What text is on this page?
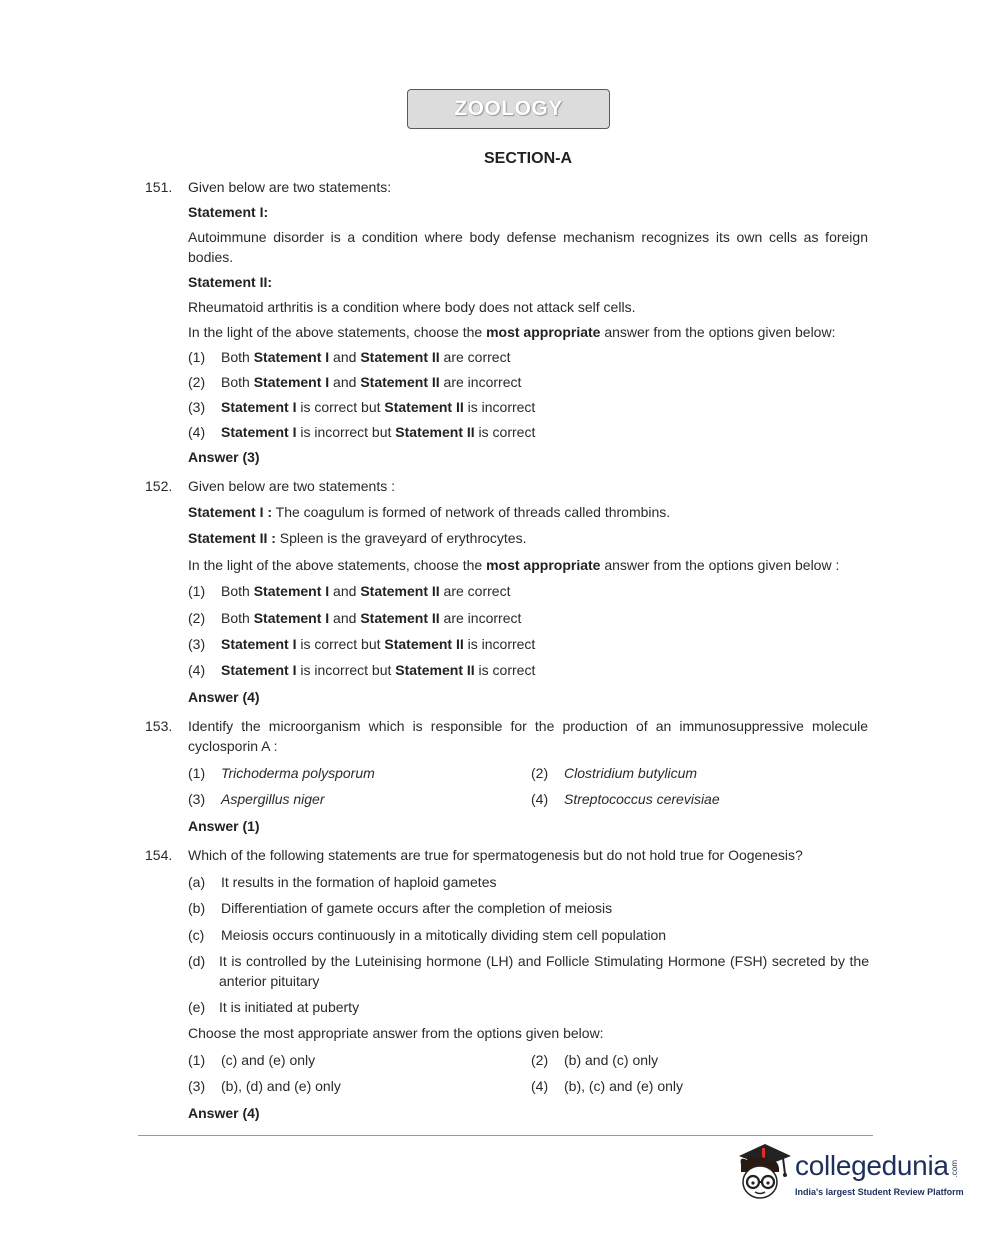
ZOOLOGY
SECTION-A
151. Given below are two statements:
Statement I:
Autoimmune disorder is a condition where body defense mechanism recognizes its own cells as foreign bodies.
Statement II:
Rheumatoid arthritis is a condition where body does not attack self cells.
In the light of the above statements, choose the most appropriate answer from the options given below:
(1) Both Statement I and Statement II are correct
(2) Both Statement I and Statement II are incorrect
(3) Statement I is correct but Statement II is incorrect
(4) Statement I is incorrect but Statement II is correct
Answer (3)
152. Given below are two statements :
Statement I : The coagulum is formed of network of threads called thrombins.
Statement II : Spleen is the graveyard of erythrocytes.
In the light of the above statements, choose the most appropriate answer from the options given below :
(1) Both Statement I and Statement II are correct
(2) Both Statement I and Statement II are incorrect
(3) Statement I is correct but Statement II is incorrect
(4) Statement I is incorrect but Statement II is correct
Answer (4)
153. Identify the microorganism which is responsible for the production of an immunosuppressive molecule cyclosporin A :
(1) Trichoderma polysporum	(2) Clostridium butylicum
(3) Aspergillus niger	(4) Streptococcus cerevisiae
Answer (1)
154. Which of the following statements are true for spermatogenesis but do not hold true for Oogenesis?
(a) It results in the formation of haploid gametes
(b) Differentiation of gamete occurs after the completion of meiosis
(c) Meiosis occurs continuously in a mitotically dividing stem cell population
(d) It is controlled by the Luteinising hormone (LH) and Follicle Stimulating Hormone (FSH) secreted by the anterior pituitary
(e) It is initiated at puberty
Choose the most appropriate answer from the options given below:
(1) (c) and (e) only	(2) (b) and (c) only
(3) (b), (d) and (e) only	(4) (b), (c) and (e) only
Answer (4)
collegedunia .com
India's largest Student Review Platform
